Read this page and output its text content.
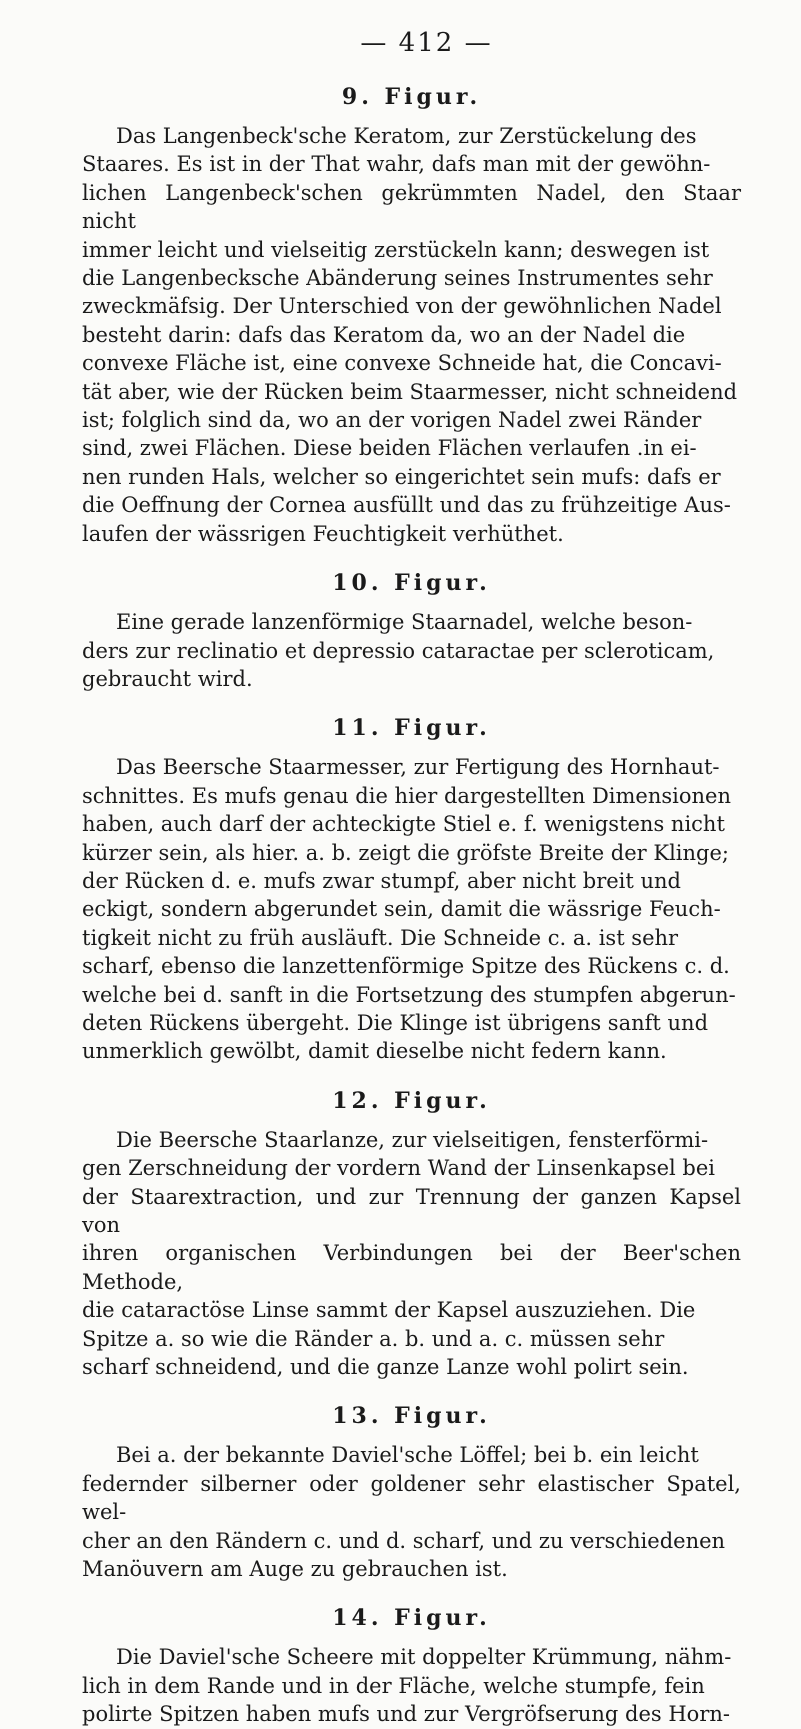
— 412 —
9. Figur.
Das Langenbeck'sche Keratom, zur Zerstückelung des
Staares. Es ist in der That wahr, dafs man mit der gewöhn-
lichen Langenbeck'schen gekrümmten Nadel, den Staar nicht
immer leicht und vielseitig zerstückeln kann; deswegen ist
die Langenbecksche Abänderung seines Instrumentes sehr
zweckmäfsig. Der Unterschied von der gewöhnlichen Nadel
besteht darin: dafs das Keratom da, wo an der Nadel die
convexe Fläche ist, eine convexe Schneide hat, die Concavi-
tät aber, wie der Rücken beim Staarmesser, nicht schneidend
ist; folglich sind da, wo an der vorigen Nadel zwei Ränder
sind, zwei Flächen. Diese beiden Flächen verlaufen .in ei-
nen runden Hals, welcher so eingerichtet sein mufs: dafs er
die Oeffnung der Cornea ausfüllt und das zu frühzeitige Aus-
laufen der wässrigen Feuchtigkeit verhüthet.
10. Figur.
Eine gerade lanzenförmige Staarnadel, welche beson-
ders zur reclinatio et depressio cataractae per scleroticam,
gebraucht wird.
11. Figur.
Das Beersche Staarmesser, zur Fertigung des Hornhaut-
schnittes. Es mufs genau die hier dargestellten Dimensionen
haben, auch darf der achteckigte Stiel e. f. wenigstens nicht
kürzer sein, als hier. a. b. zeigt die gröfste Breite der Klinge;
der Rücken d. e. mufs zwar stumpf, aber nicht breit und
eckigt, sondern abgerundet sein, damit die wässrige Feuch-
tigkeit nicht zu früh ausläuft. Die Schneide c. a. ist sehr
scharf, ebenso die lanzettenförmige Spitze des Rückens c. d.
welche bei d. sanft in die Fortsetzung des stumpfen abgerun-
deten Rückens übergeht. Die Klinge ist übrigens sanft und
unmerklich gewölbt, damit dieselbe nicht federn kann.
12. Figur.
Die Beersche Staarlanze, zur vielseitigen, fensterförmi-
gen Zerschneidung der vordern Wand der Linsenkapsel bei
der Staarextraction, und zur Trennung der ganzen Kapsel von
ihren organischen Verbindungen bei der Beer'schen Methode,
die cataractöse Linse sammt der Kapsel auszuziehen. Die
Spitze a. so wie die Ränder a. b. und a. c. müssen sehr
scharf schneidend, und die ganze Lanze wohl polirt sein.
13. Figur.
Bei a. der bekannte Daviel'sche Löffel; bei b. ein leicht
federnder silberner oder goldener sehr elastischer Spatel, wel-
cher an den Rändern c. und d. scharf, und zu verschiedenen
Manöuvern am Auge zu gebrauchen ist.
14. Figur.
Die Daviel'sche Scheere mit doppelter Krümmung, nähm-
lich in dem Rande und in der Fläche, welche stumpfe, fein
polirte Spitzen haben mufs und zur Vergröfserung des Horn-
